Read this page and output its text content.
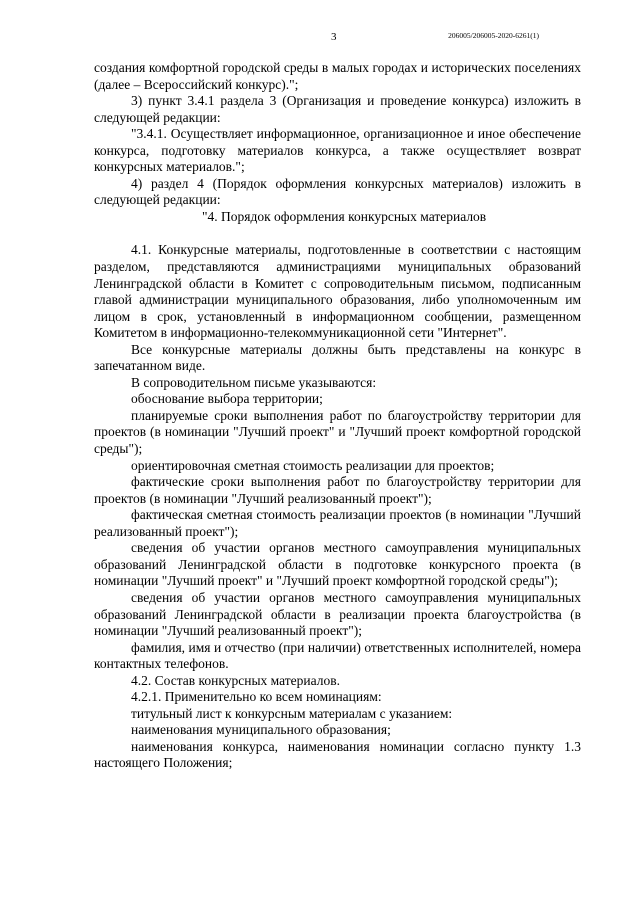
3	206005/206005-2020-6261(1)

создания комфортной городской среды в малых городах и исторических поселениях (далее – Всероссийский конкурс).";

3) пункт 3.4.1 раздела 3 (Организация и проведение конкурса) изложить в следующей редакции:

"3.4.1. Осуществляет информационное, организационное и иное обеспечение конкурса, подготовку материалов конкурса, а также осуществляет возврат конкурсных материалов.";

4) раздел 4 (Порядок оформления конкурсных материалов) изложить в следующей редакции:

"4. Порядок оформления конкурсных материалов

4.1. Конкурсные материалы, подготовленные в соответствии с настоящим разделом, представляются администрациями муниципальных образований Ленинградской области в Комитет с сопроводительным письмом, подписанным главой администрации муниципального образования, либо уполномоченным им лицом в срок, установленный в информационном сообщении, размещенном Комитетом в информационно-телекоммуникационной сети "Интернет".

Все конкурсные материалы должны быть представлены на конкурс в запечатанном виде.

В сопроводительном письме указываются:

обоснование выбора территории;

планируемые сроки выполнения работ по благоустройству территории для проектов (в номинации "Лучший проект" и "Лучший проект комфортной городской среды");

ориентировочная сметная стоимость реализации для проектов;

фактические сроки выполнения работ по благоустройству территории для проектов (в номинации "Лучший реализованный проект");

фактическая сметная стоимость реализации проектов (в номинации "Лучший реализованный проект");

сведения об участии органов местного самоуправления муниципальных образований Ленинградской области в подготовке конкурсного проекта (в номинации "Лучший проект" и "Лучший проект комфортной городской среды");

сведения об участии органов местного самоуправления муниципальных образований Ленинградской области в реализации проекта благоустройства (в номинации "Лучший реализованный проект");

фамилия, имя и отчество (при наличии) ответственных исполнителей, номера контактных телефонов.

4.2. Состав конкурсных материалов.

4.2.1. Применительно ко всем номинациям:

титульный лист к конкурсным материалам с указанием:

наименования муниципального образования;

наименования конкурса, наименования номинации согласно пункту 1.3 настоящего Положения;
